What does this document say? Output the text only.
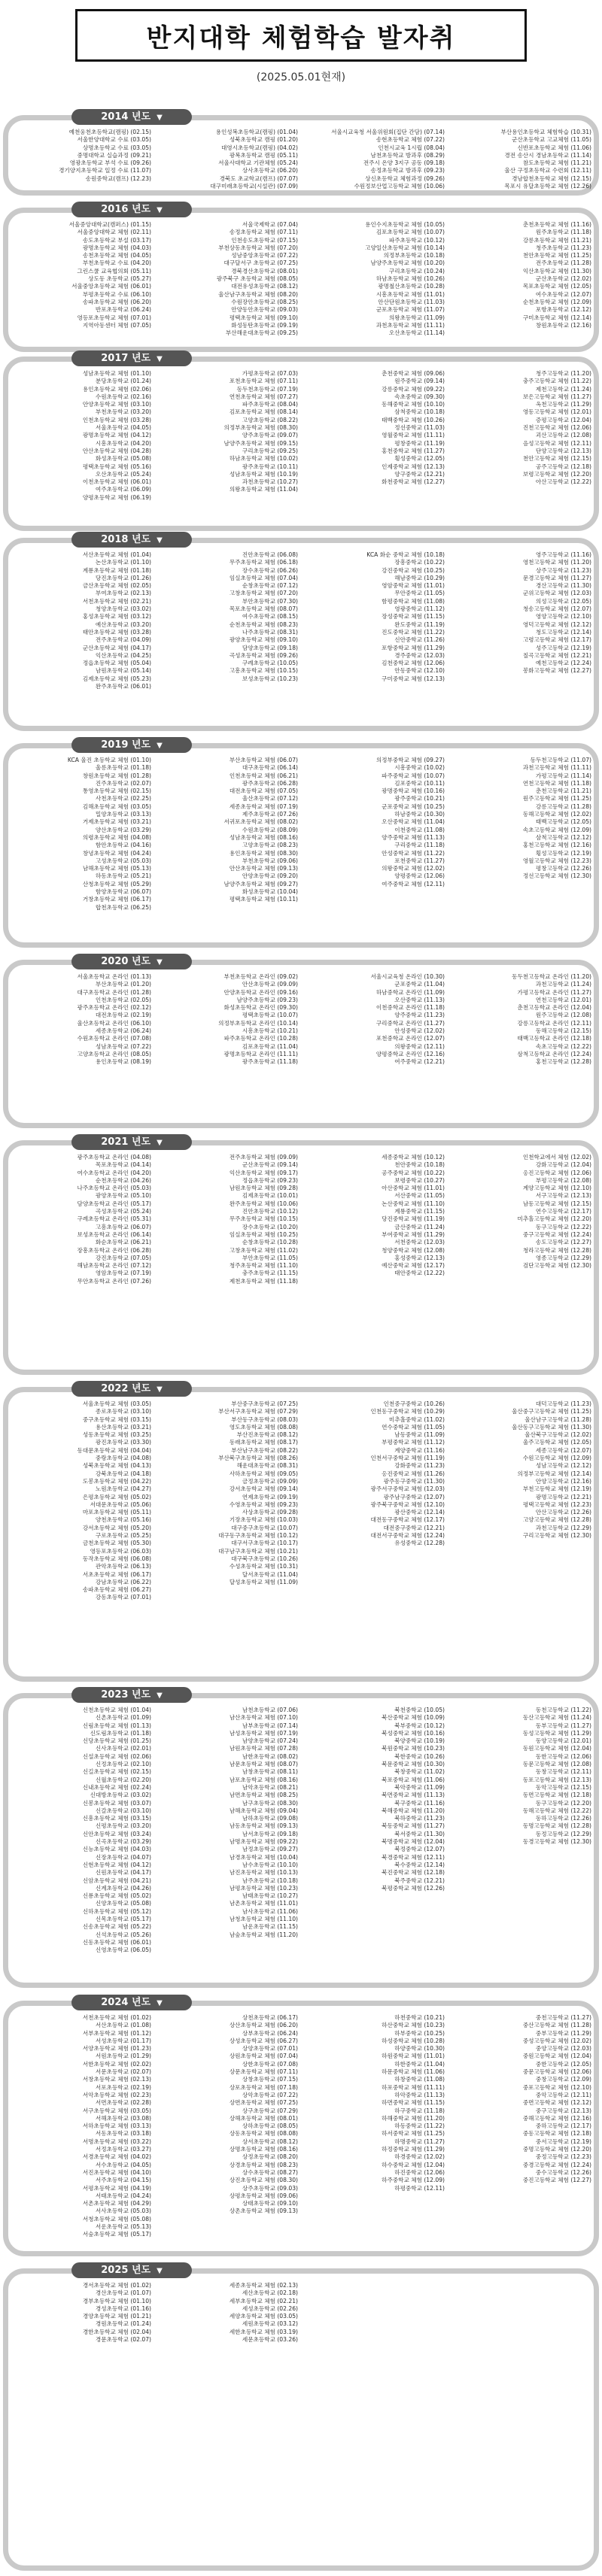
반지대학 체험학습 발자취
(2025.05.01현재)
2014 년도 ▼
예천웅천초등학교(캠핑) (02.15)
서울한양대학교 수료 (03.05)
상명초등학교 수료 (03.05)
중명대학교 실습과정 (09.21)
영광초등학교 부석 수료 (09.26)
경기양지초등학교 일정 수료 (11.07)
송원중학교(캠프) (12.23)
용인성복초등학교(캠핑) (01.04)
성북초등학교 캠핑 (01.20)
대영시초등학교(캠핑) (04.02)
광복초등학교 캠핑 (05.11)
서울사대학교 기관체험 (05.24)
상사초등학교 (06.20)
경북도 초교학교(캠프) (07.07)
대구미래초등학교(시설관) (07.09)
서울시교육청 서울위원회(집단 간담) (07.14)
송현초등학교 체험 (07.22)
인천시교육 1시립 (08.04)
남천초등학교 방과후 (08.29)
전주시 온양 3지구 공동 (09.18)
송정초등학교 방과후 (09.23)
상신초등학교 체험과정 (09.26)
수원정보산업고등학교 체험 (10.06)
부산용인초등학교 체험학습 (10.31)
군산초등학교 고교체험 (11.05)
신반포초등학교 체험 (11.06)
경전 송산시 경남초등학교 (11.14)
참도초등학교 체험 (11.21)
울산 구정초등학교 수련회 (12.11)
경남합천초등학교 체험 (12.15)
목포시 유달초등학교 체험 (12.26)
2016 년도 ▼
서울중앙대학교(캠퍼스) (01.15)
서울중앙대학교 체험 (02.11)
송도초등학교 부설 (03.17)
광명초등학교 체험 (04.03)
송천초등학교 체험 (04.05)
부천초등학교 수료 (04.20)
그린스쿨 교육협의회 (05.11)
상도동 초등학교 (05.27)
서울중앙초등학교 체험 (06.01)
부평초등학교 수료 (06.10)
송파초등학교 체험 (06.20)
반포초등학교 (06.24)
영등포초등학교 체험 (07.01)
지역아동센터 체험 (07.05)
서울국제학교 (07.04)
송정초등학교 체험 (07.11)
인천송도초등학교 (07.15)
부천상동초등학교 체험 (07.20)
성남중앙초등학교 (07.22)
대구달서구 초등학교 (07.25)
경북경산초등학교 (08.01)
광주북구 초등학교 체험 (08.05)
대전유성초등학교 (08.12)
울산남구초등학교 체험 (08.20)
수원장안초등학교 (08.25)
안양동안초등학교 (09.03)
평택초등학교 체험 (09.10)
화성동탄초등학교 (09.19)
부산해운대초등학교 (09.25)
용인수지초등학교 체험 (10.05)
김포초등학교 체험 (10.07)
파주초등학교 (10.12)
고양일산초등학교 체험 (10.14)
의정부초등학교 (10.18)
남양주초등학교 체험 (10.20)
구리초등학교 (10.24)
하남초등학교 체험 (10.26)
광명철산초등학교 (10.28)
시흥초등학교 체험 (11.01)
안산단원초등학교 (11.03)
군포초등학교 체험 (11.07)
의왕초등학교 (11.09)
과천초등학교 체험 (11.11)
오산초등학교 (11.14)
춘천초등학교 체험 (11.16)
원주초등학교 (11.18)
강릉초등학교 체험 (11.21)
청주초등학교 (11.23)
천안초등학교 체험 (11.25)
전주초등학교 (11.28)
익산초등학교 체험 (11.30)
군산초등학교 (12.02)
목포초등학교 체험 (12.05)
여수초등학교 (12.07)
순천초등학교 체험 (12.09)
포항초등학교 (12.12)
구미초등학교 체험 (12.14)
창원초등학교 (12.16)
2017 년도 ▼
성남초등학교 체험 (01.10)
분당초등학교 (01.24)
용인초등학교 체험 (02.06)
수원초등학교 (02.16)
안양초등학교 체험 (03.10)
부천초등학교 (03.20)
인천초등학교 체험 (03.28)
서울초등학교 (04.05)
광명초등학교 체험 (04.12)
시흥초등학교 (04.20)
안산초등학교 체험 (04.28)
화성초등학교 (05.08)
평택초등학교 체험 (05.16)
오산초등학교 (05.24)
이천초등학교 체험 (06.01)
여주초등학교 (06.09)
양평초등학교 체험 (06.19)
가평초등학교 (07.03)
포천초등학교 체험 (07.11)
동두천초등학교 (07.19)
연천초등학교 체험 (07.27)
파주초등학교 (08.04)
김포초등학교 체험 (08.14)
고양초등학교 (08.22)
의정부초등학교 체험 (08.30)
양주초등학교 (09.07)
남양주초등학교 체험 (09.15)
구리초등학교 (09.25)
하남초등학교 체험 (10.02)
광주초등학교 (10.11)
성남초등학교 체험 (10.19)
과천초등학교 (10.27)
의왕초등학교 체험 (11.04)
춘천중학교 체험 (09.06)
원주중학교 (09.14)
강릉중학교 체험 (09.22)
속초중학교 (09.30)
동해중학교 체험 (10.10)
삼척중학교 (10.18)
태백중학교 체험 (10.26)
정선중학교 (11.03)
영월중학교 체험 (11.11)
평창중학교 (11.19)
홍천중학교 체험 (11.27)
횡성중학교 (12.05)
인제중학교 체험 (12.13)
양구중학교 (12.21)
화천중학교 체험 (12.27)
청주고등학교 (11.20)
충주고등학교 체험 (11.22)
제천고등학교 (11.24)
보은고등학교 체험 (11.27)
옥천고등학교 (11.29)
영동고등학교 체험 (12.01)
증평고등학교 (12.04)
진천고등학교 체험 (12.06)
괴산고등학교 (12.08)
음성고등학교 체험 (12.11)
단양고등학교 (12.13)
천안고등학교 체험 (12.15)
공주고등학교 (12.18)
보령고등학교 체험 (12.20)
아산고등학교 (12.22)
2018 년도 ▼
서산초등학교 체험 (01.04)
논산초등학교 (01.10)
계룡초등학교 체험 (01.18)
당진초등학교 (01.26)
금산초등학교 체험 (02.05)
부여초등학교 (02.13)
서천초등학교 체험 (02.21)
청양초등학교 (03.02)
홍성초등학교 체험 (03.12)
예산초등학교 (03.20)
태안초등학교 체험 (03.28)
전주초등학교 (04.09)
군산초등학교 체험 (04.17)
익산초등학교 (04.25)
정읍초등학교 체험 (05.04)
남원초등학교 (05.14)
김제초등학교 체험 (05.23)
완주초등학교 (06.01)
진안초등학교 (06.08)
무주초등학교 체험 (06.18)
장수초등학교 (06.26)
임실초등학교 체험 (07.04)
순창초등학교 (07.12)
고창초등학교 체험 (07.20)
부안초등학교 (07.30)
목포초등학교 체험 (08.07)
여수초등학교 (08.15)
순천초등학교 체험 (08.23)
나주초등학교 (08.31)
광양초등학교 체험 (09.10)
담양초등학교 (09.18)
곡성초등학교 체험 (09.26)
구례초등학교 (10.05)
고흥초등학교 체험 (10.15)
보성초등학교 (10.23)
KCA 화순 중학교 체험 (10.18)
장흥중학교 (10.22)
강진중학교 체험 (10.25)
해남중학교 (10.29)
영암중학교 체험 (11.01)
무안중학교 (11.05)
함평중학교 체험 (11.08)
영광중학교 (11.12)
장성중학교 체험 (11.15)
완도중학교 (11.19)
진도중학교 체험 (11.22)
신안중학교 (11.26)
포항중학교 체험 (11.29)
경주중학교 (12.03)
김천중학교 체험 (12.06)
안동중학교 (12.10)
구미중학교 체험 (12.13)
영주고등학교 (11.16)
영천고등학교 체험 (11.20)
상주고등학교 (11.23)
문경고등학교 체험 (11.27)
경산고등학교 (11.30)
군위고등학교 체험 (12.03)
의성고등학교 (12.05)
청송고등학교 체험 (12.07)
영양고등학교 (12.10)
영덕고등학교 체험 (12.12)
청도고등학교 (12.14)
고령고등학교 체험 (12.17)
성주고등학교 (12.19)
칠곡고등학교 체험 (12.21)
예천고등학교 (12.24)
봉화고등학교 체험 (12.27)
2019 년도 ▼
KCA 울진 초등학교 체험 (01.10)
울릉초등학교 (01.18)
창원초등학교 체험 (01.28)
진주초등학교 (02.07)
통영초등학교 체험 (02.15)
사천초등학교 (02.25)
김해초등학교 체험 (03.05)
밀양초등학교 (03.13)
거제초등학교 체험 (03.21)
양산초등학교 (03.29)
의령초등학교 체험 (04.08)
함안초등학교 (04.16)
창녕초등학교 체험 (04.24)
고성초등학교 (05.03)
남해초등학교 체험 (05.13)
하동초등학교 (05.21)
산청초등학교 체험 (05.29)
함양초등학교 (06.07)
거창초등학교 체험 (06.17)
합천초등학교 (06.25)
부산초등학교 체험 (06.07)
대구초등학교 (06.14)
인천초등학교 체험 (06.21)
광주초등학교 (06.28)
대전초등학교 체험 (07.05)
울산초등학교 (07.12)
세종초등학교 체험 (07.19)
제주초등학교 (07.26)
서귀포초등학교 체험 (08.02)
수원초등학교 (08.09)
성남초등학교 체험 (08.16)
고양초등학교 (08.23)
용인초등학교 체험 (08.30)
부천초등학교 (09.06)
안산초등학교 체험 (09.13)
안양초등학교 (09.20)
남양주초등학교 체험 (09.27)
화성초등학교 (10.04)
평택초등학교 체험 (10.11)
의정부중학교 체험 (09.27)
시흥중학교 (10.02)
파주중학교 체험 (10.07)
김포중학교 (10.11)
광명중학교 체험 (10.16)
광주중학교 (10.21)
군포중학교 체험 (10.25)
하남중학교 (10.30)
오산중학교 체험 (11.04)
이천중학교 (11.08)
양주중학교 체험 (11.13)
구리중학교 (11.18)
안성중학교 체험 (11.22)
포천중학교 (11.27)
의왕중학교 체험 (12.02)
양평중학교 (12.06)
여주중학교 체험 (12.11)
동두천고등학교 (11.07)
과천고등학교 체험 (11.11)
가평고등학교 (11.14)
연천고등학교 체험 (11.18)
춘천고등학교 (11.21)
원주고등학교 체험 (11.25)
강릉고등학교 (11.28)
동해고등학교 체험 (12.02)
태백고등학교 (12.05)
속초고등학교 체험 (12.09)
삼척고등학교 (12.12)
홍천고등학교 체험 (12.16)
횡성고등학교 (12.19)
영월고등학교 체험 (12.23)
평창고등학교 (12.26)
정선고등학교 체험 (12.30)
2020 년도 ▼
서울초등학교 온라인 (01.13)
부산초등학교 (01.20)
대구초등학교 온라인 (01.28)
인천초등학교 (02.05)
광주초등학교 온라인 (02.12)
대전초등학교 (02.19)
울산초등학교 온라인 (06.10)
세종초등학교 (06.24)
수원초등학교 온라인 (07.08)
성남초등학교 (07.22)
고양초등학교 온라인 (08.05)
용인초등학교 (08.19)
부천초등학교 온라인 (09.02)
안산초등학교 (09.09)
안양초등학교 온라인 (09.16)
남양주초등학교 (09.23)
화성초등학교 온라인 (09.30)
평택초등학교 (10.07)
의정부초등학교 온라인 (10.14)
시흥초등학교 (10.21)
파주초등학교 온라인 (10.28)
김포초등학교 (11.04)
광명초등학교 온라인 (11.11)
광주초등학교 (11.18)
서울시교육청 온라인 (10.30)
군포중학교 (11.04)
하남중학교 온라인 (11.09)
오산중학교 (11.13)
이천중학교 온라인 (11.18)
양주중학교 (11.23)
구리중학교 온라인 (11.27)
안성중학교 (12.02)
포천중학교 온라인 (12.07)
의왕중학교 (12.11)
양평중학교 온라인 (12.16)
여주중학교 (12.21)
동두천고등학교 온라인 (11.20)
과천고등학교 (11.24)
가평고등학교 온라인 (11.27)
연천고등학교 (12.01)
춘천고등학교 온라인 (12.04)
원주고등학교 (12.08)
강릉고등학교 온라인 (12.11)
동해고등학교 (12.15)
태백고등학교 온라인 (12.18)
속초고등학교 (12.22)
삼척고등학교 온라인 (12.24)
홍천고등학교 (12.28)
2021 년도 ▼
광주초등학교 온라인 (04.08)
목포초등학교 (04.14)
여수초등학교 온라인 (04.20)
순천초등학교 (04.26)
나주초등학교 온라인 (05.03)
광양초등학교 (05.10)
담양초등학교 온라인 (05.17)
곡성초등학교 (05.24)
구례초등학교 온라인 (05.31)
고흥초등학교 (06.07)
보성초등학교 온라인 (06.14)
화순초등학교 (06.21)
장흥초등학교 온라인 (06.28)
강진초등학교 (07.05)
해남초등학교 온라인 (07.12)
영암초등학교 (07.19)
무안초등학교 온라인 (07.26)
전주초등학교 체험 (09.09)
군산초등학교 (09.14)
익산초등학교 체험 (09.17)
정읍초등학교 (09.23)
남원초등학교 체험 (09.28)
김제초등학교 (10.01)
완주초등학교 체험 (10.06)
진안초등학교 (10.12)
무주초등학교 체험 (10.15)
장수초등학교 (10.20)
임실초등학교 체험 (10.25)
순창초등학교 (10.28)
고창초등학교 체험 (11.02)
부안초등학교 (11.05)
청주초등학교 체험 (11.10)
충주초등학교 (11.15)
제천초등학교 체험 (11.18)
세종중학교 체험 (10.12)
천안중학교 (10.18)
공주중학교 체험 (10.22)
보령중학교 (10.27)
아산중학교 체험 (11.01)
서산중학교 (11.05)
논산중학교 체험 (11.10)
계룡중학교 (11.15)
당진중학교 체험 (11.19)
금산중학교 (11.24)
부여중학교 체험 (11.29)
서천중학교 (12.03)
청양중학교 체험 (12.08)
홍성중학교 (12.13)
예산중학교 체험 (12.17)
태안중학교 (12.22)
인천학교에서 체험 (12.02)
강화고등학교 (12.04)
옹진고등학교 체험 (12.06)
부평고등학교 (12.08)
계양고등학교 체험 (12.10)
서구고등학교 (12.13)
남동고등학교 체험 (12.15)
연수고등학교 (12.17)
미추홀고등학교 체험 (12.20)
동구고등학교 (12.22)
중구고등학교 체험 (12.24)
송도고등학교 (12.27)
청라고등학교 체험 (12.28)
영종고등학교 (12.29)
검단고등학교 체험 (12.30)
2022 년도 ▼
서울초등학교 체험 (03.05)
종로초등학교 (03.10)
중구초등학교 체험 (03.15)
용산초등학교 (03.21)
성동초등학교 체험 (03.25)
광진초등학교 (03.30)
동대문초등학교 체험 (04.04)
중랑초등학교 (04.08)
성북초등학교 체험 (04.13)
강북초등학교 (04.18)
도봉초등학교 체험 (04.22)
노원초등학교 (04.27)
은평초등학교 체험 (05.02)
서대문초등학교 (05.06)
마포초등학교 체험 (05.11)
양천초등학교 (05.16)
강서초등학교 체험 (05.20)
구로초등학교 (05.25)
금천초등학교 체험 (05.30)
영등포초등학교 (06.03)
동작초등학교 체험 (06.08)
관악초등학교 (06.13)
서초초등학교 체험 (06.17)
강남초등학교 (06.22)
송파초등학교 체험 (06.27)
강동초등학교 (07.01)
부산중구초등학교 (07.25)
부산서구초등학교 체험 (07.29)
부산동구초등학교 (08.03)
영도초등학교 체험 (08.08)
부산진초등학교 (08.12)
동래초등학교 체험 (08.17)
부산남구초등학교 (08.22)
부산북구초등학교 체험 (08.26)
해운대초등학교 (08.31)
사하초등학교 체험 (09.05)
금정초등학교 (09.09)
강서초등학교 체험 (09.14)
연제초등학교 (09.19)
수영초등학교 체험 (09.23)
사상초등학교 (09.28)
기장초등학교 체험 (10.03)
대구중구초등학교 (10.07)
대구동구초등학교 체험 (10.12)
대구서구초등학교 (10.17)
대구남구초등학교 체험 (10.21)
대구북구초등학교 (10.26)
수성초등학교 체험 (10.31)
달서초등학교 (11.04)
달성초등학교 체험 (11.09)
인천중구중학교 (10.26)
인천동구중학교 체험 (10.29)
미추홀중학교 (11.02)
연수중학교 체험 (11.05)
남동중학교 (11.09)
부평중학교 체험 (11.12)
계양중학교 (11.16)
인천서구중학교 체험 (11.19)
강화중학교 (11.23)
옹진중학교 체험 (11.26)
광주동구중학교 (11.30)
광주서구중학교 체험 (12.03)
광주남구중학교 (12.07)
광주북구중학교 체험 (12.10)
광산중학교 (12.14)
대전동구중학교 체험 (12.17)
대전중구중학교 (12.21)
대전서구중학교 체험 (12.24)
유성중학교 (12.28)
대덕고등학교 (11.23)
울산중구고등학교 체험 (11.25)
울산남구고등학교 (11.28)
울산동구고등학교 체험 (11.30)
울산북구고등학교 (12.02)
울주고등학교 체험 (12.05)
세종고등학교 (12.07)
수원고등학교 체험 (12.09)
성남고등학교 (12.12)
의정부고등학교 체험 (12.14)
안양고등학교 (12.16)
부천고등학교 체험 (12.19)
광명고등학교 (12.21)
평택고등학교 체험 (12.23)
안산고등학교 (12.26)
고양고등학교 체험 (12.28)
과천고등학교 (12.29)
구리고등학교 체험 (12.30)
2023 년도 ▼
신천초등학교 체험 (01.04)
신촌초등학교 (01.09)
신림초등학교 체험 (01.13)
신도림초등학교 (01.18)
신당초등학교 체험 (01.25)
신사초등학교 (02.01)
신설초등학교 체험 (02.06)
신정초등학교 (02.10)
신길초등학교 체험 (02.15)
신월초등학교 (02.20)
신내초등학교 체험 (02.24)
신대방초등학교 (03.02)
신봉초등학교 체험 (03.07)
신갈초등학교 (03.10)
신흥초등학교 체험 (03.15)
신평초등학교 (03.20)
신안초등학교 체험 (03.24)
신곡초등학교 (03.29)
신능초등학교 체험 (04.03)
신장초등학교 (04.07)
신현초등학교 체험 (04.12)
신원초등학교 (04.17)
신암초등학교 체험 (04.21)
신계초등학교 (04.26)
신룡초등학교 체험 (05.02)
신양초등학교 (05.08)
신하초등학교 체험 (05.12)
신목초등학교 (05.17)
신송초등학교 체험 (05.22)
신석초등학교 (05.26)
신동초등학교 체험 (06.01)
신영초등학교 (06.05)
남천초등학교 (07.06)
남산초등학교 체험 (07.10)
남부초등학교 (07.14)
남성초등학교 체험 (07.19)
남양초등학교 (07.24)
남원초등학교 체험 (07.28)
남한초등학교 (08.02)
남문초등학교 체험 (08.07)
남창초등학교 (08.11)
남포초등학교 체험 (08.16)
남악초등학교 (08.21)
남면초등학교 체험 (08.25)
남구초등학교 (08.30)
남해초등학교 체험 (09.04)
남하초등학교 (09.08)
남동초등학교 체험 (09.13)
남서초등학교 (09.18)
남명초등학교 체험 (09.22)
남정초등학교 (09.27)
남경초등학교 체험 (10.04)
남수초등학교 (10.10)
남진초등학교 체험 (10.13)
남주초등학교 (10.18)
남평초등학교 체험 (10.23)
남태초등학교 (10.27)
남촌초등학교 체험 (11.01)
남사초등학교 (11.06)
남청초등학교 체험 (11.10)
남운초등학교 (11.15)
남숲초등학교 체험 (11.20)
북천중학교 (10.05)
북산중학교 체험 (10.09)
북부중학교 (10.12)
북성중학교 체험 (10.16)
북양중학교 (10.19)
북원중학교 체험 (10.23)
북한중학교 (10.26)
북문중학교 체험 (10.30)
북창중학교 (11.02)
북포중학교 체험 (11.06)
북악중학교 (11.09)
북면중학교 체험 (11.13)
북구중학교 (11.16)
북해중학교 체험 (11.20)
북하중학교 (11.23)
북동중학교 체험 (11.27)
북서중학교 (11.30)
북명중학교 체험 (12.04)
북정중학교 (12.07)
북경중학교 체험 (12.11)
북수중학교 (12.14)
북진중학교 체험 (12.18)
북주중학교 (12.21)
북평중학교 체험 (12.26)
동천고등학교 (11.22)
동산고등학교 체험 (11.24)
동부고등학교 (11.27)
동성고등학교 체험 (11.29)
동양고등학교 (12.01)
동원고등학교 체험 (12.04)
동한고등학교 (12.06)
동문고등학교 체험 (12.08)
동창고등학교 (12.11)
동포고등학교 체험 (12.13)
동악고등학교 (12.15)
동면고등학교 체험 (12.18)
동구고등학교 (12.20)
동해고등학교 체험 (12.22)
동하고등학교 (12.26)
동명고등학교 체험 (12.28)
동정고등학교 (12.29)
동경고등학교 체험 (12.30)
2024 년도 ▼
서천초등학교 체험 (01.02)
서산초등학교 (01.08)
서부초등학교 체험 (01.12)
서성초등학교 (01.17)
서양초등학교 체험 (01.23)
서원초등학교 (01.29)
서한초등학교 체험 (02.02)
서문초등학교 (02.07)
서창초등학교 체험 (02.13)
서포초등학교 (02.19)
서악초등학교 체험 (02.23)
서면초등학교 (02.28)
서구초등학교 체험 (03.05)
서해초등학교 (03.08)
서하초등학교 체험 (03.13)
서동초등학교 (03.18)
서명초등학교 체험 (03.22)
서정초등학교 (03.27)
서경초등학교 체험 (04.02)
서수초등학교 (04.05)
서진초등학교 체험 (04.10)
서주초등학교 (04.15)
서평초등학교 체험 (04.19)
서태초등학교 (04.24)
서촌초등학교 체험 (04.29)
서사초등학교 (05.03)
서청초등학교 체험 (05.08)
서운초등학교 (05.13)
서숲초등학교 체험 (05.17)
상천초등학교 (06.17)
상산초등학교 체험 (06.20)
상부초등학교 (06.24)
상성초등학교 체험 (06.27)
상양초등학교 (07.01)
상원초등학교 체험 (07.04)
상한초등학교 (07.08)
상문초등학교 체험 (07.11)
상창초등학교 (07.15)
상포초등학교 체험 (07.18)
상악초등학교 (07.22)
상면초등학교 체험 (07.25)
상구초등학교 (07.29)
상해초등학교 체험 (08.01)
상하초등학교 (08.05)
상동초등학교 체험 (08.08)
상서초등학교 (08.12)
상명초등학교 체험 (08.16)
상정초등학교 (08.20)
상경초등학교 체험 (08.23)
상수초등학교 (08.27)
상진초등학교 체험 (08.30)
상주초등학교 (09.03)
상평초등학교 체험 (09.06)
상태초등학교 (09.10)
상촌초등학교 체험 (09.13)
하천중학교 (10.21)
하산중학교 체험 (10.23)
하부중학교 (10.25)
하성중학교 체험 (10.28)
하양중학교 (10.30)
하원중학교 체험 (11.01)
하한중학교 (11.04)
하문중학교 체험 (11.06)
하창중학교 (11.08)
하포중학교 체험 (11.11)
하악중학교 (11.13)
하면중학교 체험 (11.15)
하구중학교 (11.18)
하해중학교 체험 (11.20)
하동중학교 (11.22)
하서중학교 체험 (11.25)
하명중학교 (11.27)
하정중학교 체험 (11.29)
하경중학교 (12.02)
하수중학교 체험 (12.04)
하진중학교 (12.06)
하주중학교 체험 (12.09)
하평중학교 (12.11)
중천고등학교 (11.27)
중산고등학교 체험 (11.28)
중부고등학교 (11.29)
중성고등학교 체험 (12.02)
중양고등학교 (12.03)
중원고등학교 체험 (12.04)
중한고등학교 (12.05)
중문고등학교 체험 (12.06)
중창고등학교 (12.09)
중포고등학교 체험 (12.10)
중악고등학교 (12.11)
중면고등학교 체험 (12.12)
중구고등학교 (12.13)
중해고등학교 체험 (12.16)
중하고등학교 (12.17)
중동고등학교 체험 (12.18)
중서고등학교 (12.19)
중명고등학교 체험 (12.20)
중정고등학교 (12.23)
중경고등학교 체험 (12.24)
중수고등학교 (12.26)
중진고등학교 체험 (12.27)
2025 년도 ▼
경서초등학교 체험 (01.02)
경산초등학교 (01.07)
경부초등학교 체험 (01.10)
경성초등학교 (01.16)
경양초등학교 체험 (01.21)
경원초등학교 (01.24)
경한초등학교 체험 (02.04)
경문초등학교 (02.07)
세종초등학교 체험 (02.13)
세산초등학교 (02.18)
세부초등학교 체험 (02.21)
세성초등학교 (02.26)
세양초등학교 체험 (03.05)
세원초등학교 (03.12)
세한초등학교 체험 (03.19)
세문초등학교 (03.26)
